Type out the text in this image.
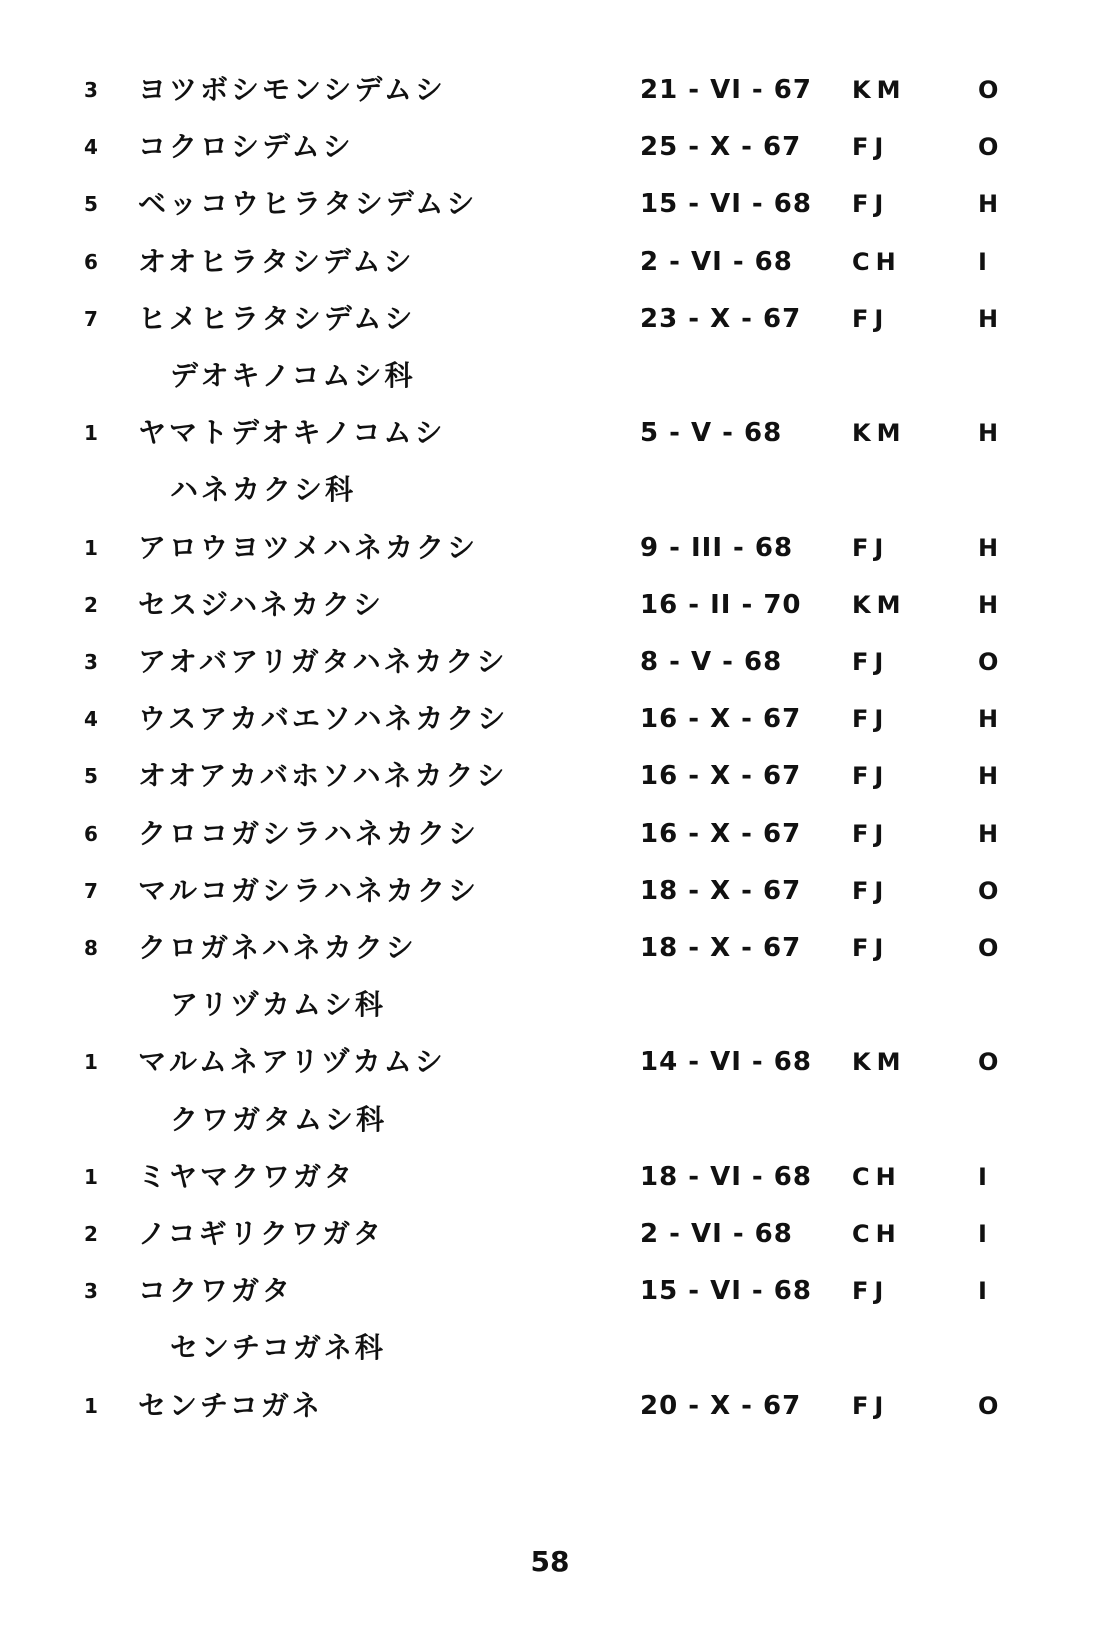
3	ヨツボシモンシデムシ	21 - VI - 67 KM	O
4	コクロシデムシ	25 - X - 67 FJ	O
5	ベッコウヒラタシデムシ	15 - VI - 68 FJ	H
6	オオヒラタシデムシ	2 - VI - 68 CH	I
7	ヒメヒラタシデムシ	23 - X - 67 FJ	H
デオキノコムシ科
1	ヤマトデオキノコムシ	5 - V - 68	KM	H
ハネカクシ科
1	アロウヨツメハネカクシ	9 - III - 68 FJ	H
2	セスジハネカクシ	16 - II - 70 KM	H
3	アオバアリガタハネカクシ	8 - V - 68	FJ	O
4	ウスアカバエソハネカクシ	16 - X - 67 FJ	H
5	オオアカバホソハネカクシ	16 - X - 67 FJ	H
6	クロコガシラハネカクシ	16 - X - 67 FJ	H
7	マルコガシラハネカクシ	18 - X - 67 FJ	O
8	クロガネハネカクシ	18 - X - 67 FJ	O
アリヅカムシ科
1	マルムネアリヅカムシ	14 - VI - 68 KM	O
クワガタムシ科
1	ミヤマクワガタ	18 - VI - 68 CH	I
2	ノコギリクワガタ	2 - VI - 68 CH	I
3	コクワガタ	15 - VI - 68 FJ	I
センチコガネ科
1	センチコガネ	20 - X - 67 FJ	O
58
